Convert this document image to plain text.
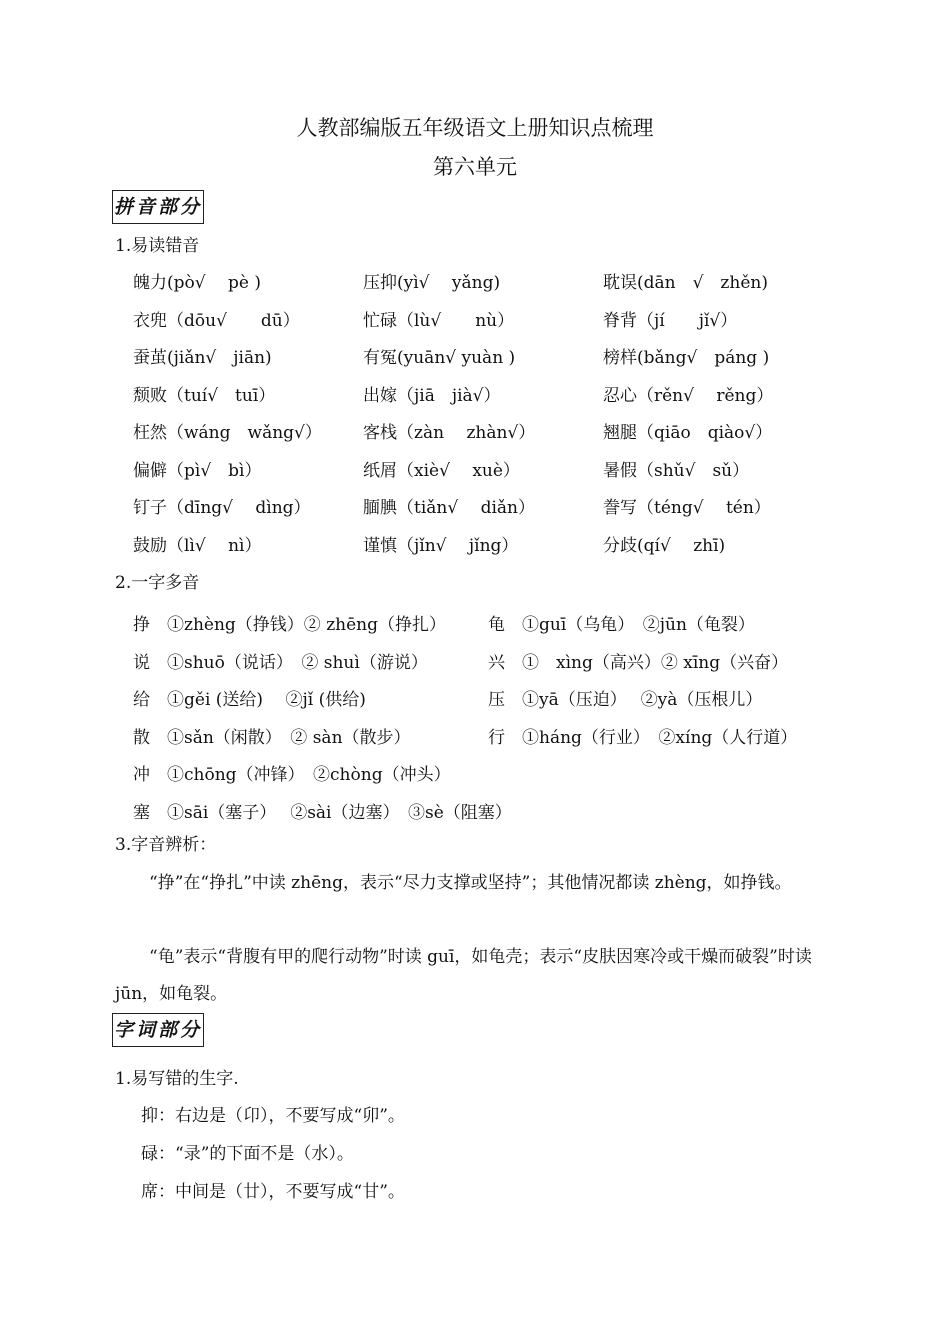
人教部编版五年级语文上册知识点梳理
第六单元
拼音部分
1.易读错音
魄力(pò√　 pè )	压抑(yì√　 yǎng)	耽误(dān　√　zhěn)
衣兜（dōu√　　dū）	忙碌（lù√　　nù）	脊背（jí　　jǐ√）
蚕茧(jiǎn√　jiān)	有冤(yuān√ yuàn )	榜样(bǎng√　páng )
颓败（tuí√　tuī）	出嫁（jiā　jià√）	忍心（rěn√　 rěng）
枉然（wáng　wǎng√） 客栈（zàn　 zhàn√）	翘腿（qiāo　qiào√）
偏僻（pì√　bì）	纸屑（xiè√　 xuè）	暑假（shǔ√　sǔ）
钉子（dīng√　 dìng）	腼腆（tiǎn√　 diǎn）	誊写（téng√　 tén）
鼓励（lì√　 nì）	谨慎（jǐn√　 jǐng）	分歧(qí√　 zhī)
2.一字多音
挣　①zhèng（挣钱）② zhēng（挣扎） 龟　①guī（乌龟）　②jūn（龟裂）
说　①shuō（说话）　② shuì（游说）	兴　①　xìng（高兴）② xīng（兴奋）
给　①gěi (送给)　 ②jǐ (供给)	压　①yā（压迫）　 ②yà（压根儿）
散　①sǎn（闲散）　② sàn（散步）	行　①háng（行业）　②xíng（人行道）
冲　①chōng（冲锋）　②chòng（冲头）
塞　①sāi（塞子）　 ②sài（边塞）　③sè（阻塞）
3.字音辨析：
“挣”在“挣扎”中读 zhēng，表示“尽力支撑或坚持”；其他情况都读 zhèng，如挣钱。
“龟”表示“背腹有甲的爬行动物”时读 guī，如龟壳；表示“皮肤因寒冷或干燥而破裂”时读 jūn，如龟裂。
字词部分
1.易写错的生字.
抑：右边是（卬），不要写成“卯”。
碌：“录”的下面不是（水）。
席：中间是（廿），不要写成“甘”。
